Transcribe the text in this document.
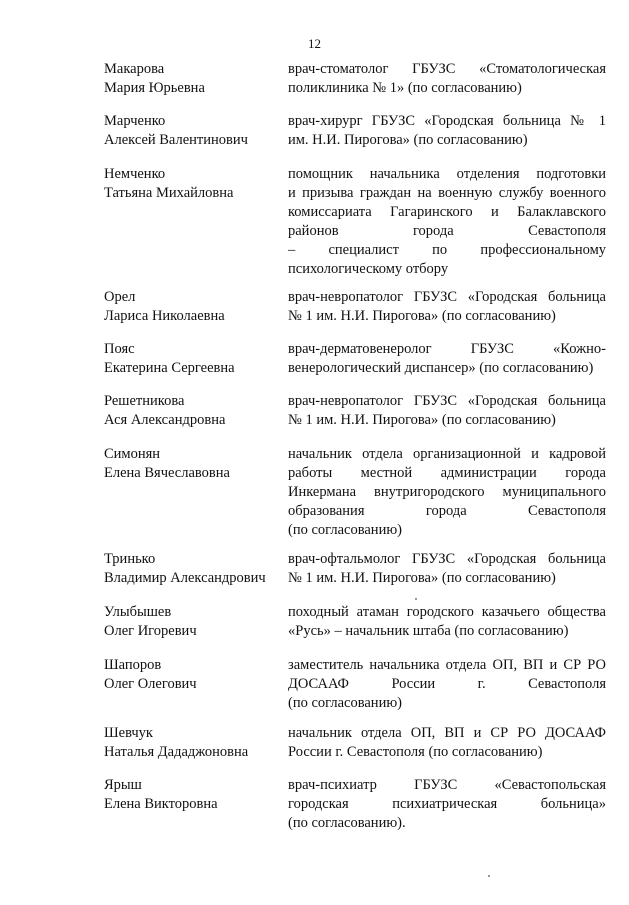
12
Макарова
Мария Юрьевна
врач-стоматолог ГБУЗС «Стоматологическая
поликлиника № 1» (по согласованию)
Марченко
Алексей Валентинович
врач-хирург ГБУЗС «Городская больница № 1
им. Н.И. Пирогова» (по согласованию)
Немченко
Татьяна Михайловна
помощник начальника отделения подготовки
и призыва граждан на военную службу военного
комиссариата Гагаринского и Балаклавского
районов города Севастополя
– специалист по профессиональному
психологическому отбору
Орел
Лариса Николаевна
врач-невропатолог ГБУЗС «Городская больница
№ 1 им. Н.И. Пирогова» (по согласованию)
Пояс
Екатерина Сергеевна
врач-дерматовенеролог ГБУЗС «Кожно-
венерологический диспансер» (по согласованию)
Решетникова
Ася Александровна
врач-невропатолог ГБУЗС «Городская больница
№ 1 им. Н.И. Пирогова» (по согласованию)
Симонян
Елена Вячеславовна
начальник отдела организационной и кадровой
работы местной администрации города
Инкермана внутригородского муниципального
образования города Севастополя
(по согласованию)
Тринько
Владимир Александрович
врач-офтальмолог ГБУЗС «Городская больница
№ 1 им. Н.И. Пирогова» (по согласованию)
Улыбышев
Олег Игоревич
походный атаман городского казачьего общества
«Русь» – начальник штаба (по согласованию)
Шапоров
Олег Олегович
заместитель начальника отдела ОП, ВП и СР РО
ДОСААФ России г. Севастополя
(по согласованию)
Шевчук
Наталья Дададжоновна
начальник отдела ОП, ВП и СР РО ДОСААФ
России г. Севастополя (по согласованию)
Ярыш
Елена Викторовна
врач-психиатр ГБУЗС «Севастопольская
городская психиатрическая больница»
(по согласованию).
